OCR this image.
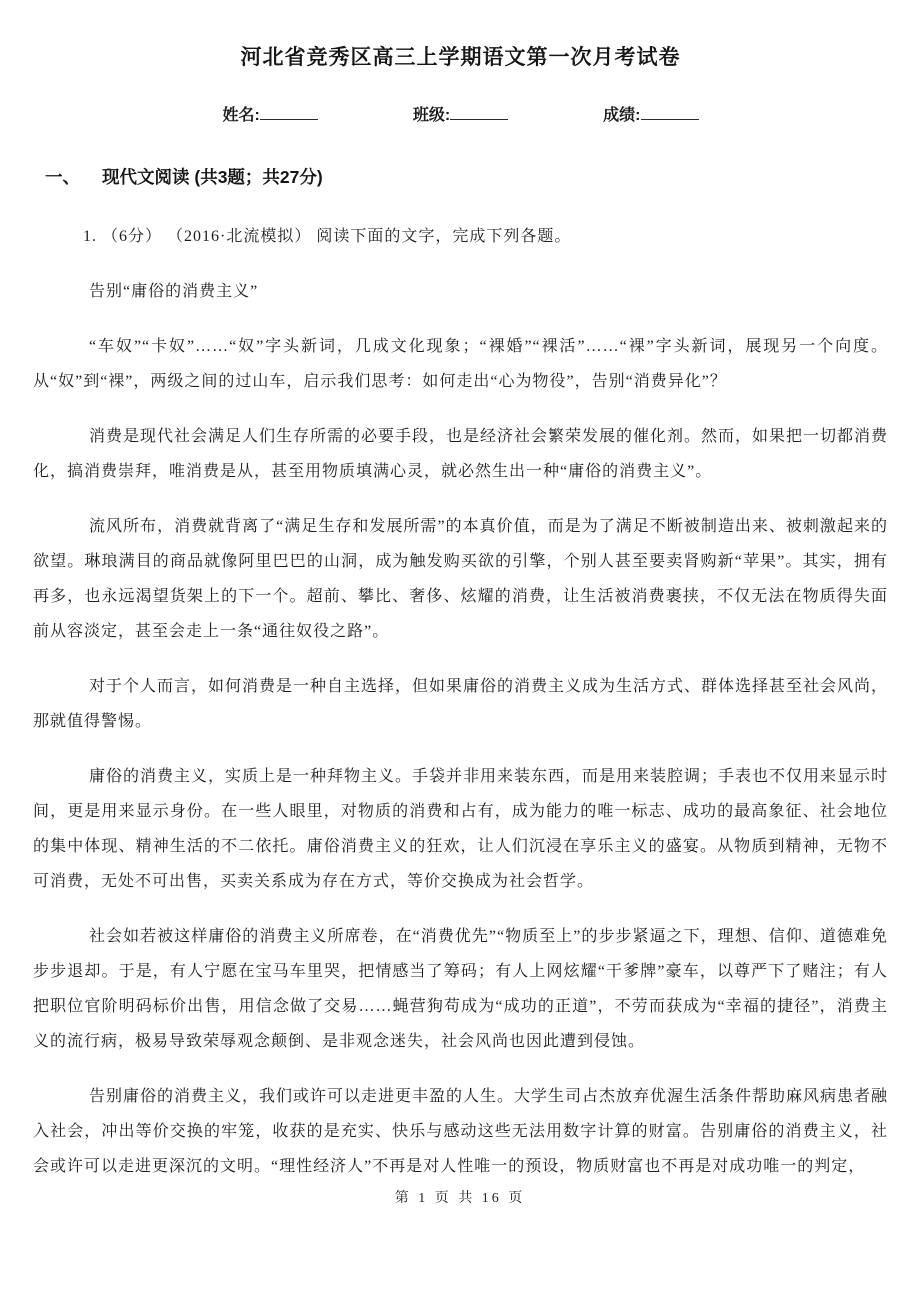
河北省竞秀区高三上学期语文第一次月考试卷
姓名:	班级:	成绩:
一、 现代文阅读 (共3题；共27分)

1. （6分） （2016·北流模拟） 阅读下面的文字，完成下列各题。

告别“庸俗的消费主义”

“车奴”“卡奴”……“奴”字头新词，几成文化现象；“裸婚”“裸活”……“裸”字头新词，展现另一个向度。从“奴”到“裸”，两级之间的过山车，启示我们思考：如何走出“心为物役”，告别“消费异化”？

消费是现代社会满足人们生存所需的必要手段，也是经济社会繁荣发展的催化剂。然而，如果把一切都消费化，搞消费崇拜，唯消费是从，甚至用物质填满心灵，就必然生出一种“庸俗的消费主义”。

流风所布，消费就背离了“满足生存和发展所需”的本真价值，而是为了满足不断被制造出来、被刺激起来的欲望。琳琅满目的商品就像阿里巴巴的山洞，成为触发购买欲的引擎，个别人甚至要卖肾购新“苹果”。其实，拥有再多，也永远渴望货架上的下一个。超前、攀比、奢侈、炫耀的消费，让生活被消费裹挟，不仅无法在物质得失面前从容淡定，甚至会走上一条“通往奴役之路”。

对于个人而言，如何消费是一种自主选择，但如果庸俗的消费主义成为生活方式、群体选择甚至社会风尚，那就值得警惕。

庸俗的消费主义，实质上是一种拜物主义。手袋并非用来装东西，而是用来装腔调；手表也不仅用来显示时间，更是用来显示身份。在一些人眼里，对物质的消费和占有，成为能力的唯一标志、成功的最高象征、社会地位的集中体现、精神生活的不二依托。庸俗消费主义的狂欢，让人们沉浸在享乐主义的盛宴。从物质到精神，无物不可消费，无处不可出售，买卖关系成为存在方式，等价交换成为社会哲学。

社会如若被这样庸俗的消费主义所席卷，在“消费优先”“物质至上”的步步紧逼之下，理想、信仰、道德难免步步退却。于是，有人宁愿在宝马车里哭，把情感当了筹码；有人上网炫耀“干爹牌”豪车，以尊严下了赌注；有人把职位官阶明码标价出售，用信念做了交易……蝇营狗苟成为“成功的正道”，不劳而获成为“幸福的捷径”，消费主义的流行病，极易导致荣辱观念颠倒、是非观念迷失，社会风尚也因此遭到侵蚀。

告别庸俗的消费主义，我们或许可以走进更丰盈的人生。大学生司占杰放弃优渥生活条件帮助麻风病患者融入社会，冲出等价交换的牢笼，收获的是充实、快乐与感动这些无法用数字计算的财富。告别庸俗的消费主义，社会或许可以走进更深沉的文明。“理性经济人”不再是对人性唯一的预设，物质财富也不再是对成功唯一的判定，

第 1 页 共 16 页
